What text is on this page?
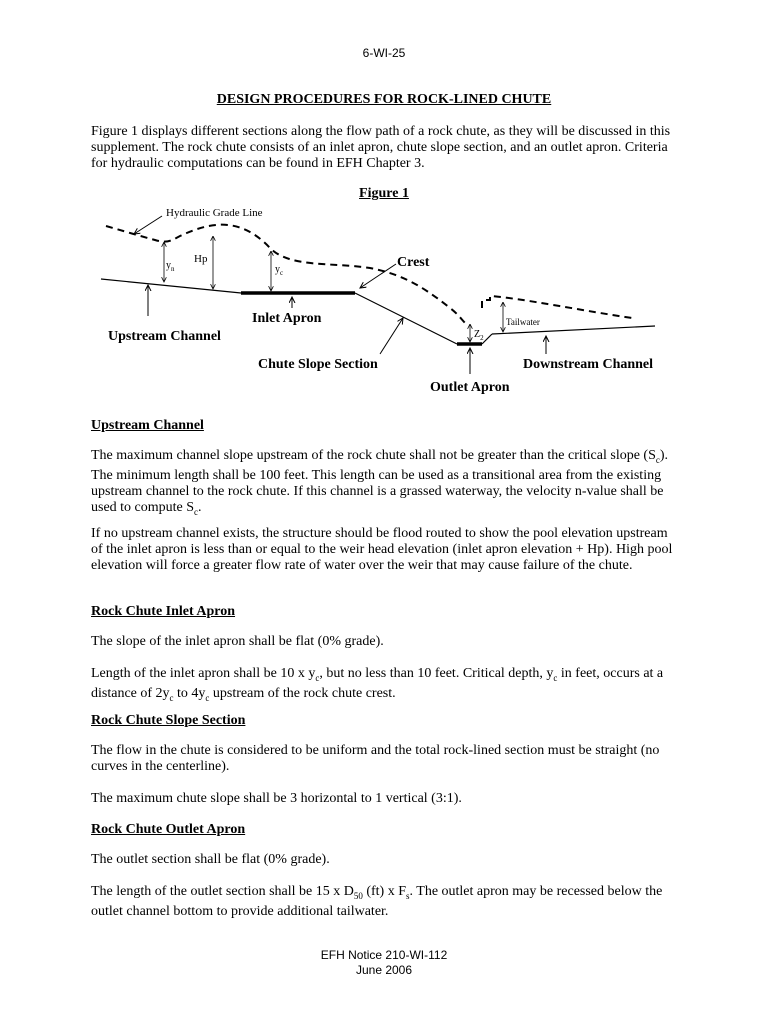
6-WI-25
DESIGN PROCEDURES FOR ROCK-LINED CHUTE

Figure 1 displays different sections along the flow path of a rock chute, as they will be discussed in this supplement. The rock chute consists of an inlet apron, chute slope section, and an outlet apron. Criteria for hydraulic computations can be found in EFH Chapter 3.

Figure 1
Hydraulic Grade Line
$y_n$
Hp
$y_c$
Crest
Upstream Channel
Inlet Apron
Chute Slope Section
Outlet Apron
Downstream Channel
Tailwater
$Z_2$
Upstream Channel

The maximum channel slope upstream of the rock chute shall not be greater than the critical slope $(S_c)$. The minimum length shall be 100 feet. This length can be used as a transitional area from the existing upstream channel to the rock chute. If this channel is a grassed waterway, the velocity n-value shall be used to compute $S_c$.

If no upstream channel exists, the structure should be flood routed to show the pool elevation upstream of the inlet apron is less than or equal to the weir head elevation (inlet apron elevation + Hp). High pool elevation will force a greater flow rate of water over the weir that may cause failure of the chute.

Rock Chute Inlet Apron

The slope of the inlet apron shall be flat (0% grade).

Length of the inlet apron shall be 10 x $y_c$, but no less than 10 feet. Critical depth, $y_c$ in feet, occurs at a distance of $2y_c$ to $4y_c$ upstream of the rock chute crest.

Rock Chute Slope Section

The flow in the chute is considered to be uniform and the total rock-lined section must be straight (no curves in the centerline).

The maximum chute slope shall be 3 horizontal to 1 vertical (3:1).

Rock Chute Outlet Apron

The outlet section shall be flat (0% grade).

The length of the outlet section shall be 15 x $D_{50}$ (ft) x $F_s$. The outlet apron may be recessed below the outlet channel bottom to provide additional tailwater.

EFH Notice 210-WI-112
June 2006
